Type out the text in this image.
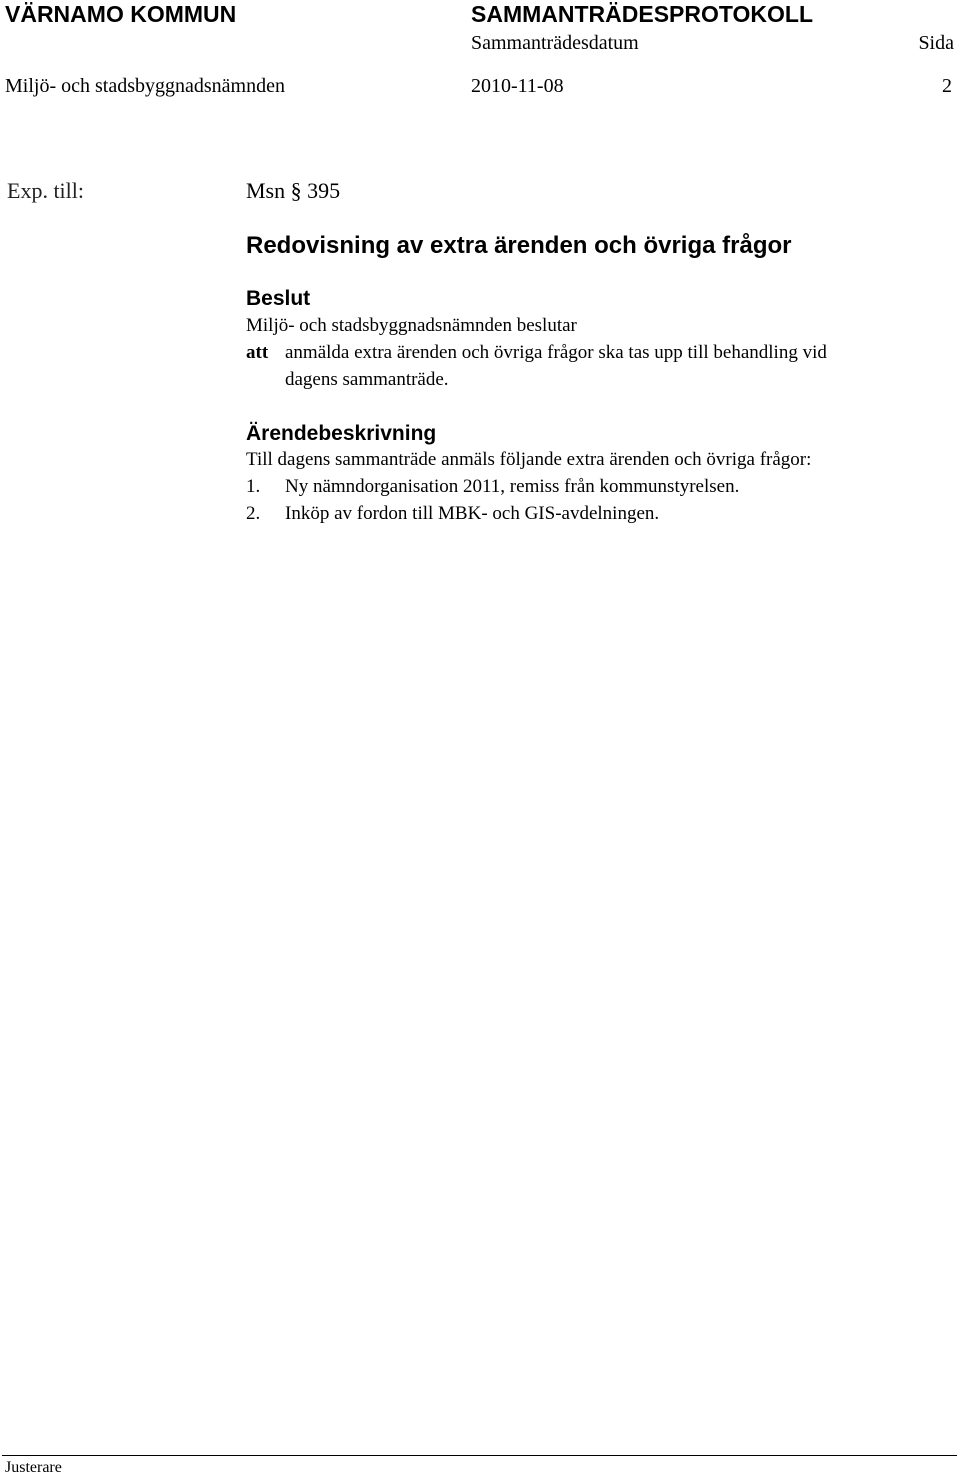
VÄRNAMO KOMMUN	SAMMANTRÄDESPROTOKOLL
Sammanträdesdatum	Sida
Miljö- och stadsbyggnadsnämnden	2010-11-08	2
Exp. till:	Msn § 395
Redovisning av extra ärenden och övriga frågor
Beslut
Miljö- och stadsbyggnadsnämnden beslutar
att anmälda extra ärenden och övriga frågor ska tas upp till behandling vid
dagens sammanträde.
Ärendebeskrivning
Till dagens sammanträde anmäls följande extra ärenden och övriga frågor:
1. Ny nämndorganisation 2011, remiss från kommunstyrelsen.
2. Inköp av fordon till MBK- och GIS-avdelningen.
Justerare
